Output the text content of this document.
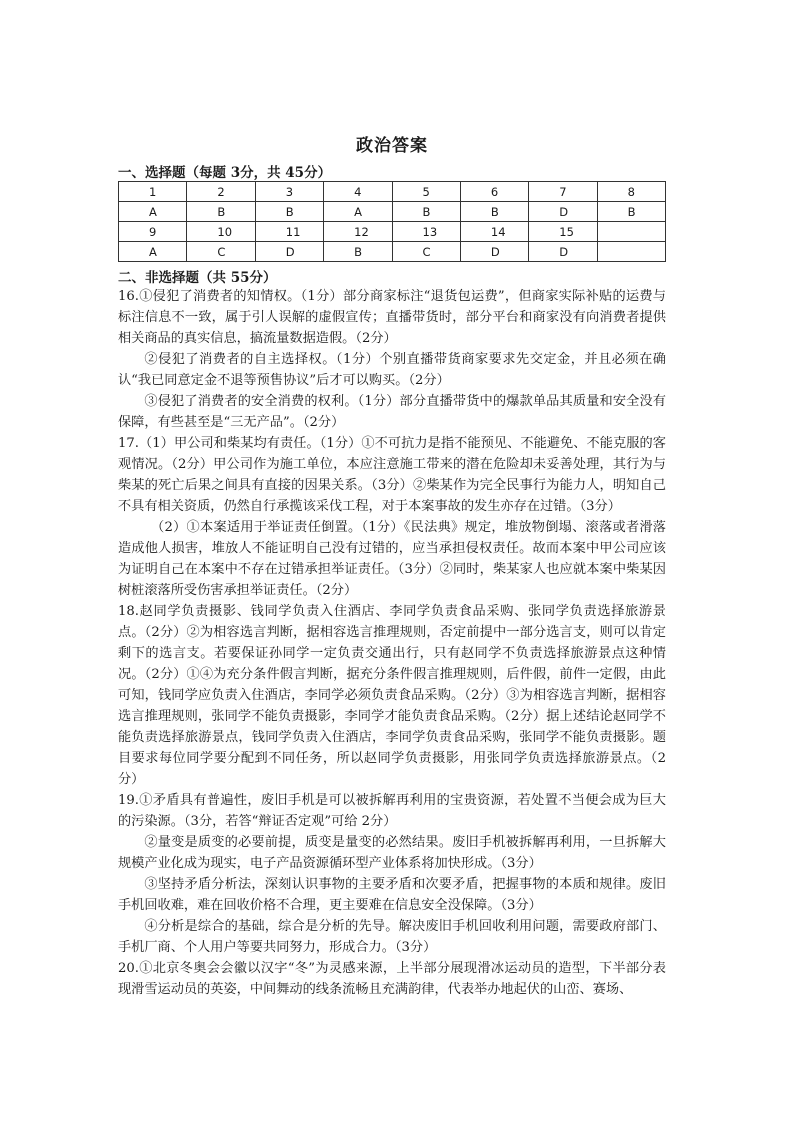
政治答案

一、选择题（每题 3分，共 45分）

1	2	3	4	5	6	7	8
A	B	B	A	B	B	D	B
9	10	11	12	13	14	15	
A	C	D	B	C	D	D	

二、非选择题（共 55分）

16.①侵犯了消费者的知情权。（1分）部分商家标注“退货包运费”，但商家实际补贴的运费与标注信息不一致，属于引人误解的虚假宣传；直播带货时，部分平台和商家没有向消费者提供相关商品的真实信息，搞流量数据造假。（2分）

②侵犯了消费者的自主选择权。（1分）个别直播带货商家要求先交定金，并且必须在确认“我已同意定金不退等预售协议”后才可以购买。（2分）

③侵犯了消费者的安全消费的权利。（1分）部分直播带货中的爆款单品其质量和安全没有保障，有些甚至是“三无产品”。（2分）

17.（1）甲公司和柴某均有责任。（1分）①不可抗力是指不能预见、不能避免、不能克服的客观情况。（2分）甲公司作为施工单位，本应注意施工带来的潜在危险却未妥善处理，其行为与柴某的死亡后果之间具有直接的因果关系。（3分）②柴某作为完全民事行为能力人，明知自己不具有相关资质，仍然自行承揽该采伐工程，对于本案事故的发生亦存在过错。（3分）

（2）①本案适用于举证责任倒置。（1分）《民法典》规定，堆放物倒塌、滚落或者滑落造成他人损害，堆放人不能证明自己没有过错的，应当承担侵权责任。故而本案中甲公司应该为证明自己在本案中不存在过错承担举证责任。（3分）②同时，柴某家人也应就本案中柴某因树桩滚落所受伤害承担举证责任。（2分）

18.赵同学负责摄影、钱同学负责入住酒店、李同学负责食品采购、张同学负责选择旅游景点。（2分）②为相容选言判断，据相容选言推理规则，否定前提中一部分选言支，则可以肯定剩下的选言支。若要保证孙同学一定负责交通出行，只有赵同学不负责选择旅游景点这种情况。（2分）①④为充分条件假言判断，据充分条件假言推理规则，后件假，前件一定假，由此可知，钱同学应负责入住酒店，李同学必须负责食品采购。（2分）③为相容选言判断，据相容选言推理规则，张同学不能负责摄影，李同学才能负责食品采购。（2分）据上述结论赵同学不能负责选择旅游景点，钱同学负责入住酒店，李同学负责食品采购，张同学不能负责摄影。题目要求每位同学要分配到不同任务，所以赵同学负责摄影，用张同学负责选择旅游景点。（2分）

19.①矛盾具有普遍性，废旧手机是可以被拆解再利用的宝贵资源，若处置不当便会成为巨大的污染源。（3分，若答“辩证否定观”可给 2分）

②量变是质变的必要前提，质变是量变的必然结果。废旧手机被拆解再利用，一旦拆解大规模产业化成为现实，电子产品资源循环型产业体系将加快形成。（3分）

③坚持矛盾分析法，深刻认识事物的主要矛盾和次要矛盾，把握事物的本质和规律。废旧手机回收难，难在回收价格不合理，更主要难在信息安全没保障。（3分）

④分析是综合的基础，综合是分析的先导。解决废旧手机回收利用问题，需要政府部门、手机厂商、个人用户等要共同努力，形成合力。（3分）

20.①北京冬奥会会徽以汉字“冬”为灵感来源，上半部分展现滑冰运动员的造型，下半部分表现滑雪运动员的英姿，中间舞动的线条流畅且充满韵律，代表举办地起伏的山峦、赛场、
